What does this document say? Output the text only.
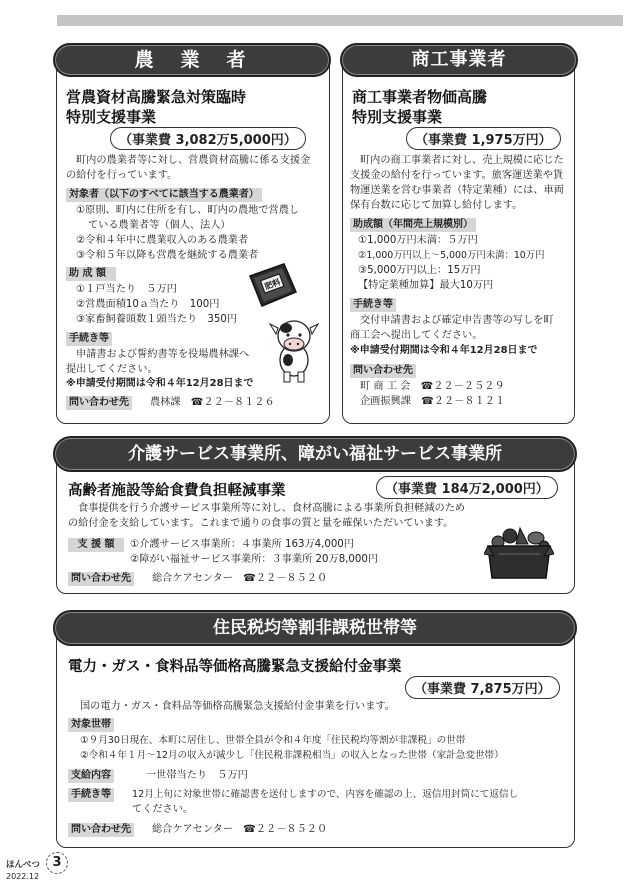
農　業　者
営農資材高騰緊急対策臨時
特別支援事業
（事業費 3,082万5,000円）
町内の農業者等に対し、営農資材高騰に係る支援金の給付を行っています。
対象者（以下のすべてに該当する農業者）
①原則、町内に住所を有し、町内の農地で営農し
ている農業者等（個人、法人）
②令和４年中に農業収入のある農業者
③令和５年以降も営農を継続する農業者
助 成 額
①１戸当たり　５万円
②営農面積10ａ当たり　100円
③家畜飼養頭数１頭当たり　350円
手続き等
申請書および誓約書等を役場農林課へ
提出してください。
※申請受付期間は令和４年12月28日まで
問い合わせ先 農林課　☎２２－８１２６
肥料
商工事業者
商工事業者物価高騰
特別支援事業
（事業費 1,975万円）
町内の商工事業者に対し、売上規模に応じた支援金の給付を行っています。旅客運送業や貨物運送業を営む事業者（特定業種）には、車両保有台数に応じて加算し給付します。
助成額（年間売上規模別）
①1,000万円未満：５万円
②1,000万円以上～5,000万円未満：10万円
③5,000万円以上：15万円
【特定業種加算】最大10万円
手続き等
交付申請書および確定申告書等の写しを町
商工会へ提出してください。
※申請受付期間は令和４年12月28日まで
問い合わせ先
町 商 工 会　☎２２－２５２９
企画振興課　☎２２－８１２１
介護サービス事業所、障がい福祉サービス事業所
高齢者施設等給食費負担軽減事業	（事業費 184万2,000円）
食事提供を行う介護サービス事業所等に対し、食材高騰による事業所負担軽減のため
の給付金を支給しています。これまで通りの食事の質と量を確保いただいています。
支 援 額	①介護サービス事業所：４事業所 163万4,000円
②障がい福祉サービス事業所：３事業所 20万8,000円
問い合わせ先 総合ケアセンター　☎２２－８５２０
住民税均等割非課税世帯等
電力・ガス・食料品等価格高騰緊急支援給付金事業
（事業費 7,875万円）
国の電力・ガス・食料品等価格高騰緊急支援給付金事業を行います。
対象世帯
①９月30日現在、本町に居住し、世帯全員が令和４年度「住民税均等割が非課税」の世帯
②令和４年１月～12月の収入が減少し「住民税非課税相当」の収入となった世帯（家計急変世帯）
支給内容	一世帯当たり　５万円
手続き等	12月上旬に対象世帯に確認書を送付しますので、内容を確認の上、返信用封筒にて返信し
てください。
問い合わせ先 総合ケアセンター　☎２２－８５２０
ほんべつ 3
2022.12
